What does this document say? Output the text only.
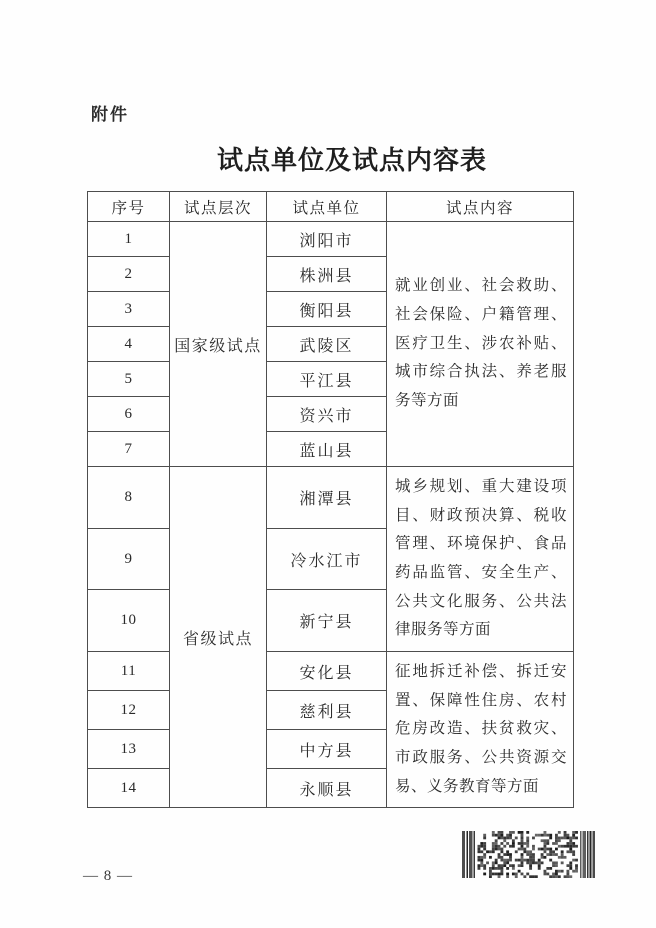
附件
试点单位及试点内容表
序号	试点层次	试点单位	试点内容
1	国家级试点	浏阳市	就业创业、社会救助、社会保险、户籍管理、医疗卫生、涉农补贴、城市综合执法、养老服务等方面
2		株洲县	
3		衡阳县	
4		武陵区	
5		平江县	
6		资兴市	
7		蓝山县	
8	省级试点	湘潭县	城乡规划、重大建设项目、财政预决算、税收管理、环境保护、食品药品监管、安全生产、公共文化服务、公共法律服务等方面
9		冷水江市	
10		新宁县	
11		安化县	征地拆迁补偿、拆迁安置、保障性住房、农村危房改造、扶贫救灾、市政服务、公共资源交易、义务教育等方面
12		慈利县	
13		中方县	
14		永顺县	
— 8 —
